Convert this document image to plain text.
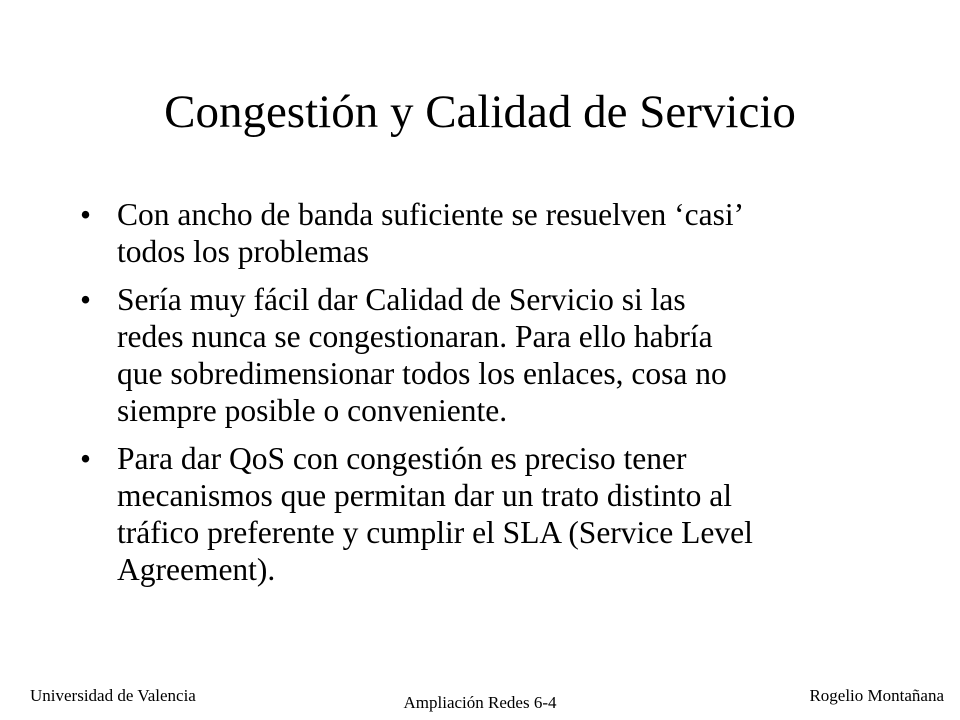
Congestión y Calidad de Servicio
• Con ancho de banda suficiente se resuelven ‘casi’
todos los problemas
• Sería muy fácil dar Calidad de Servicio si las
redes nunca se congestionaran. Para ello habría
que sobredimensionar todos los enlaces, cosa no
siempre posible o conveniente.
• Para dar QoS con congestión es preciso tener
mecanismos que permitan dar un trato distinto al
tráfico preferente y cumplir el SLA (Service Level
Agreement).
Universidad de Valencia	Ampliación Redes 6-4	Rogelio Montañana
